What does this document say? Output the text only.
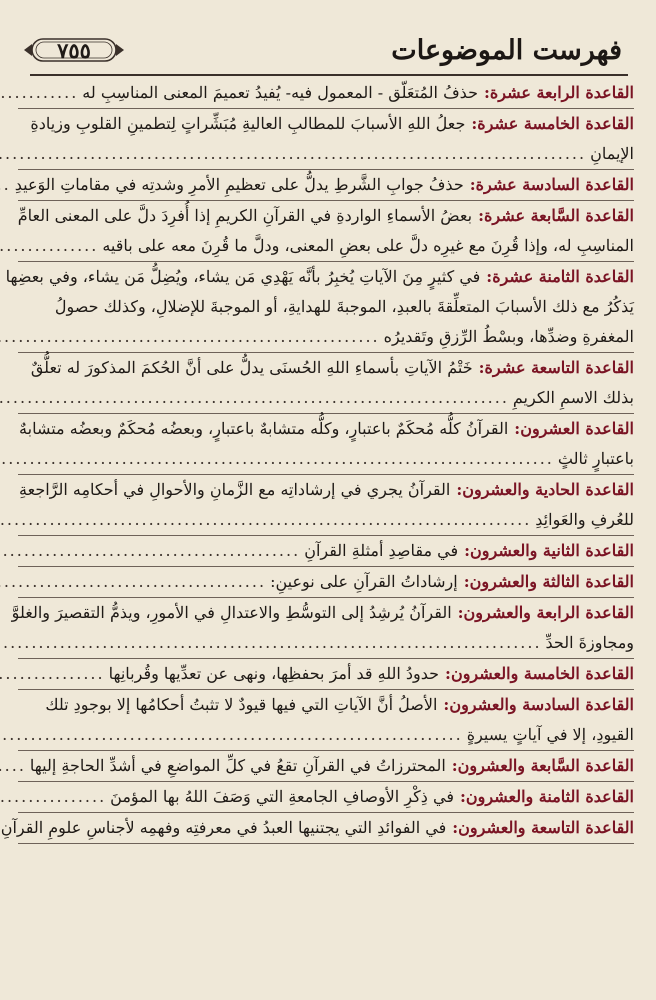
فهرست الموضوعات
٧٥٥
القاعدة الرابعة عشرة:
حذفُ المُتعَلّق - المعمول فيه- يُفيدُ تعميمَ المعنى المناسِبِ له
.....
القاعدة الخامسة عشرة:
جعلُ اللهِ الأسبابَ للمطالبِ العاليةِ مُبَشِّراتٍ لِتطمينِ القلوبِ وزيادةِ
الإيمانِ
.....
القاعدة السادسة عشرة:
حذفُ جوابِ الشَّرطِ يدلُّ على تعظيمِ الأمرِ وشدتِه في مقاماتِ الوَعيدِ
.....
القاعدة السَّابعة عشرة:
بعضُ الأسماءِ الواردةِ في القرآنِ الكريمِ إذا أُفرِدَ دلَّ على المعنى العامِّ
المناسِبِ له، وإذا قُرِنَ مع غيرِه دلَّ على بعضِ المعنى، ودلَّ ما قُرِنَ معه على باقيه
.....
القاعدة الثامنة عشرة:
في كثيرٍ مِنَ الآياتِ يُخبِرُ بأنَّه يَهْدِي مَن يشاء، ويُضِلُّ مَن يشاء، وفي بعضِها
يَذكُرُ مع ذلك الأسبابَ المتعلِّقةَ بالعبدِ، الموجبةَ للهدايةِ، أو الموجبةَ للإضلالِ، وكذلك حصولُ
المغفرةِ وضدِّها، وبسْطُ الرِّزقِ وتَقديرُه
.....
القاعدة التاسعة عشرة:
خَتْمُ الآياتِ بأسماءِ اللهِ الحُسنَى يدلُّ على أنَّ الحُكمَ المذكورَ له تعلُّقٌ
بذلك الاسمِ الكريمِ
.....
القاعدة العشرون:
القرآنُ كلُّه مُحكَمٌ باعتبارٍ، وكلُّه متشابهٌ باعتبارٍ، وبعضُه مُحكَمٌ وبعضُه متشابهٌ
باعتبارٍ ثالثٍ
.....
القاعدة الحادية والعشرون:
القرآنُ يجري في إرشاداتِه مع الزَّمانِ والأحوالِ في أحكامِه الرَّاجعةِ
للعُرفِ والعَوائِدِ
.....
القاعدة الثانية والعشرون:
في مقاصِدِ أمثلةِ القرآنِ
.....
القاعدة الثالثة والعشرون:
إرشاداتُ القرآنِ على نوعينِ:
.....
القاعدة الرابعة والعشرون:
القرآنُ يُرشِدُ إلى التوسُّطِ والاعتدالِ في الأمورِ، ويذمُّ التقصيرَ والغلوَّ
ومجاوزةَ الحدِّ
.....
القاعدة الخامسة والعشرون:
حدودُ اللهِ قد أمرَ بحفظِها، ونهى عن تعدِّيها وقُربانِها
.....
القاعدة السادسة والعشرون:
الأصلُ أنَّ الآياتِ التي فيها قيودٌ لا تثبتُ أحكامُها إلا بوجودِ تلك
القيودِ، إلا في آياتٍ يسيرةٍ
.....
القاعدة السَّابعة والعشرون:
المحترزاتُ في القرآنِ تقعُ في كلِّ المواضعِ في أشدِّ الحاجةِ إليها
.....
القاعدة الثامنة والعشرون:
في ذِكْرِ الأوصافِ الجامعةِ التي وَصَفَ اللهُ بها المؤمنَ
.....
القاعدة التاسعة والعشرون:
في الفوائدِ التي يجتنيها العبدُ في معرفتِه وفهمِه لأجناسِ علومِ القرآنِ
.....
